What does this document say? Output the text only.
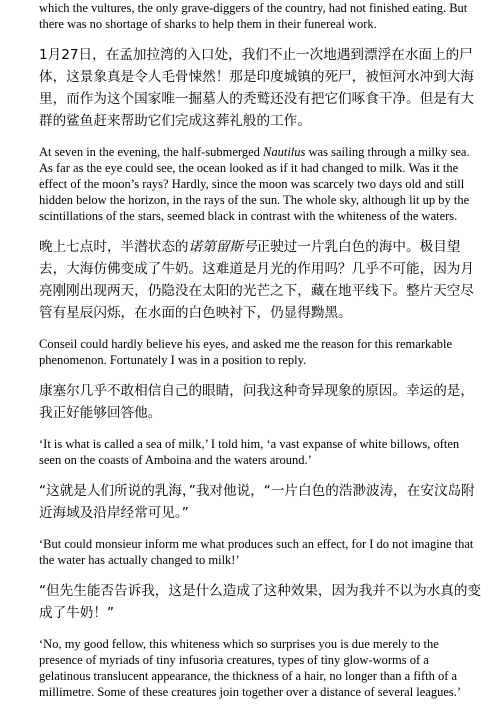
which the vultures, the only grave-diggers of the country, had not finished eating. But there was no shortage of sharks to help them in their funereal work.

1月27日，在孟加拉湾的入口处，我们不止一次地遇到漂浮在水面上的尸体，这景象真是令人毛骨悚然！那是印度城镇的死尸，被恒河水冲到大海里，而作为这个国家唯一掘墓人的秃鹫还没有把它们啄食干净。但是有大群的鲨鱼赶来帮助它们完成这葬礼般的工作。

At seven in the evening, the half-submerged Nautilus was sailing through a milky sea. As far as the eye could see, the ocean looked as if it had changed to milk. Was it the effect of the moon’s rays? Hardly, since the moon was scarcely two days old and still hidden below the horizon, in the rays of the sun. The whole sky, although lit up by the scintillations of the stars, seemed black in contrast with the whiteness of the waters.

晚上七点时，半潜状态的诺第留斯号正驶过一片乳白色的海中。极目望去，大海仿佛变成了牛奶。这难道是月光的作用吗？几乎不可能，因为月亮刚刚出现两天，仍隐没在太阳的光芒之下，藏在地平线下。整片天空尽管有星辰闪烁，在水面的白色映衬下，仍显得黝黑。

Conseil could hardly believe his eyes, and asked me the reason for this remarkable phenomenon. Fortunately I was in a position to reply.

康塞尔几乎不敢相信自己的眼睛，问我这种奇异现象的原因。幸运的是，我正好能够回答他。

‘It is what is called a sea of milk,’ I told him, ‘a vast expanse of white billows, often seen on the coasts of Amboina and the waters around.’

“这就是人们所说的乳海，”我对他说，“一片白色的浩渺波涛，在安汶岛附近海域及沿岸经常可见。”

‘But could monsieur inform me what produces such an effect, for I do not imagine that the water has actually changed to milk!’

“但先生能否告诉我，这是什么造成了这种效果，因为我并不以为水真的变成了牛奶！”

‘No, my good fellow, this whiteness which so surprises you is due merely to the presence of myriads of tiny infusoria creatures, types of tiny glow-worms of a gelatinous translucent appearance, the thickness of a hair, no longer than a fifth of a millimetre. Some of these creatures join together over a distance of several leagues.’
